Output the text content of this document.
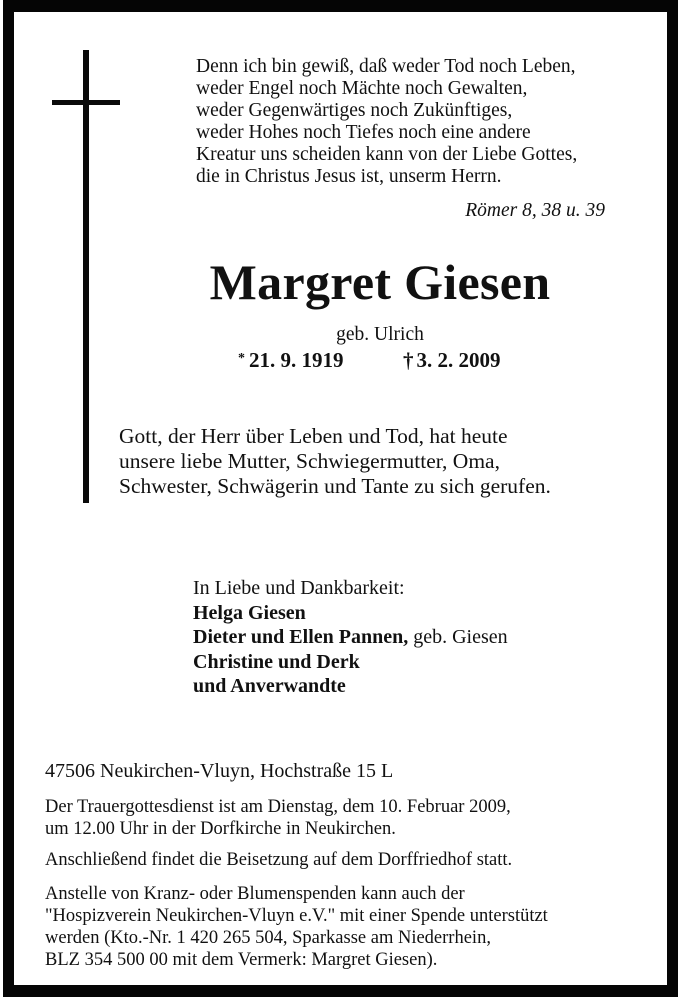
Denn ich bin gewiß, daß weder Tod noch Leben,
weder Engel noch Mächte noch Gewalten,
weder Gegenwärtiges noch Zukünftiges,
weder Hohes noch Tiefes noch eine andere
Kreatur uns scheiden kann von der Liebe Gottes,
die in Christus Jesus ist, unserm Herrn.
Römer 8, 38 u. 39
Margret Giesen
geb. Ulrich
* 21. 9. 1919	† 3. 2. 2009
Gott, der Herr über Leben und Tod, hat heute
unsere liebe Mutter, Schwiegermutter, Oma,
Schwester, Schwägerin und Tante zu sich gerufen.
In Liebe und Dankbarkeit:
Helga Giesen
Dieter und Ellen Pannen, geb. Giesen
Christine und Derk
und Anverwandte
47506 Neukirchen-Vluyn, Hochstraße 15 L
Der Trauergottesdienst ist am Dienstag, dem 10. Februar 2009,
um 12.00 Uhr in der Dorfkirche in Neukirchen.
Anschließend findet die Beisetzung auf dem Dorffriedhof statt.
Anstelle von Kranz- oder Blumenspenden kann auch der
"Hospizverein Neukirchen-Vluyn e.V." mit einer Spende unterstützt
werden (Kto.-Nr. 1 420 265 504, Sparkasse am Niederrhein,
BLZ 354 500 00 mit dem Vermerk: Margret Giesen).
